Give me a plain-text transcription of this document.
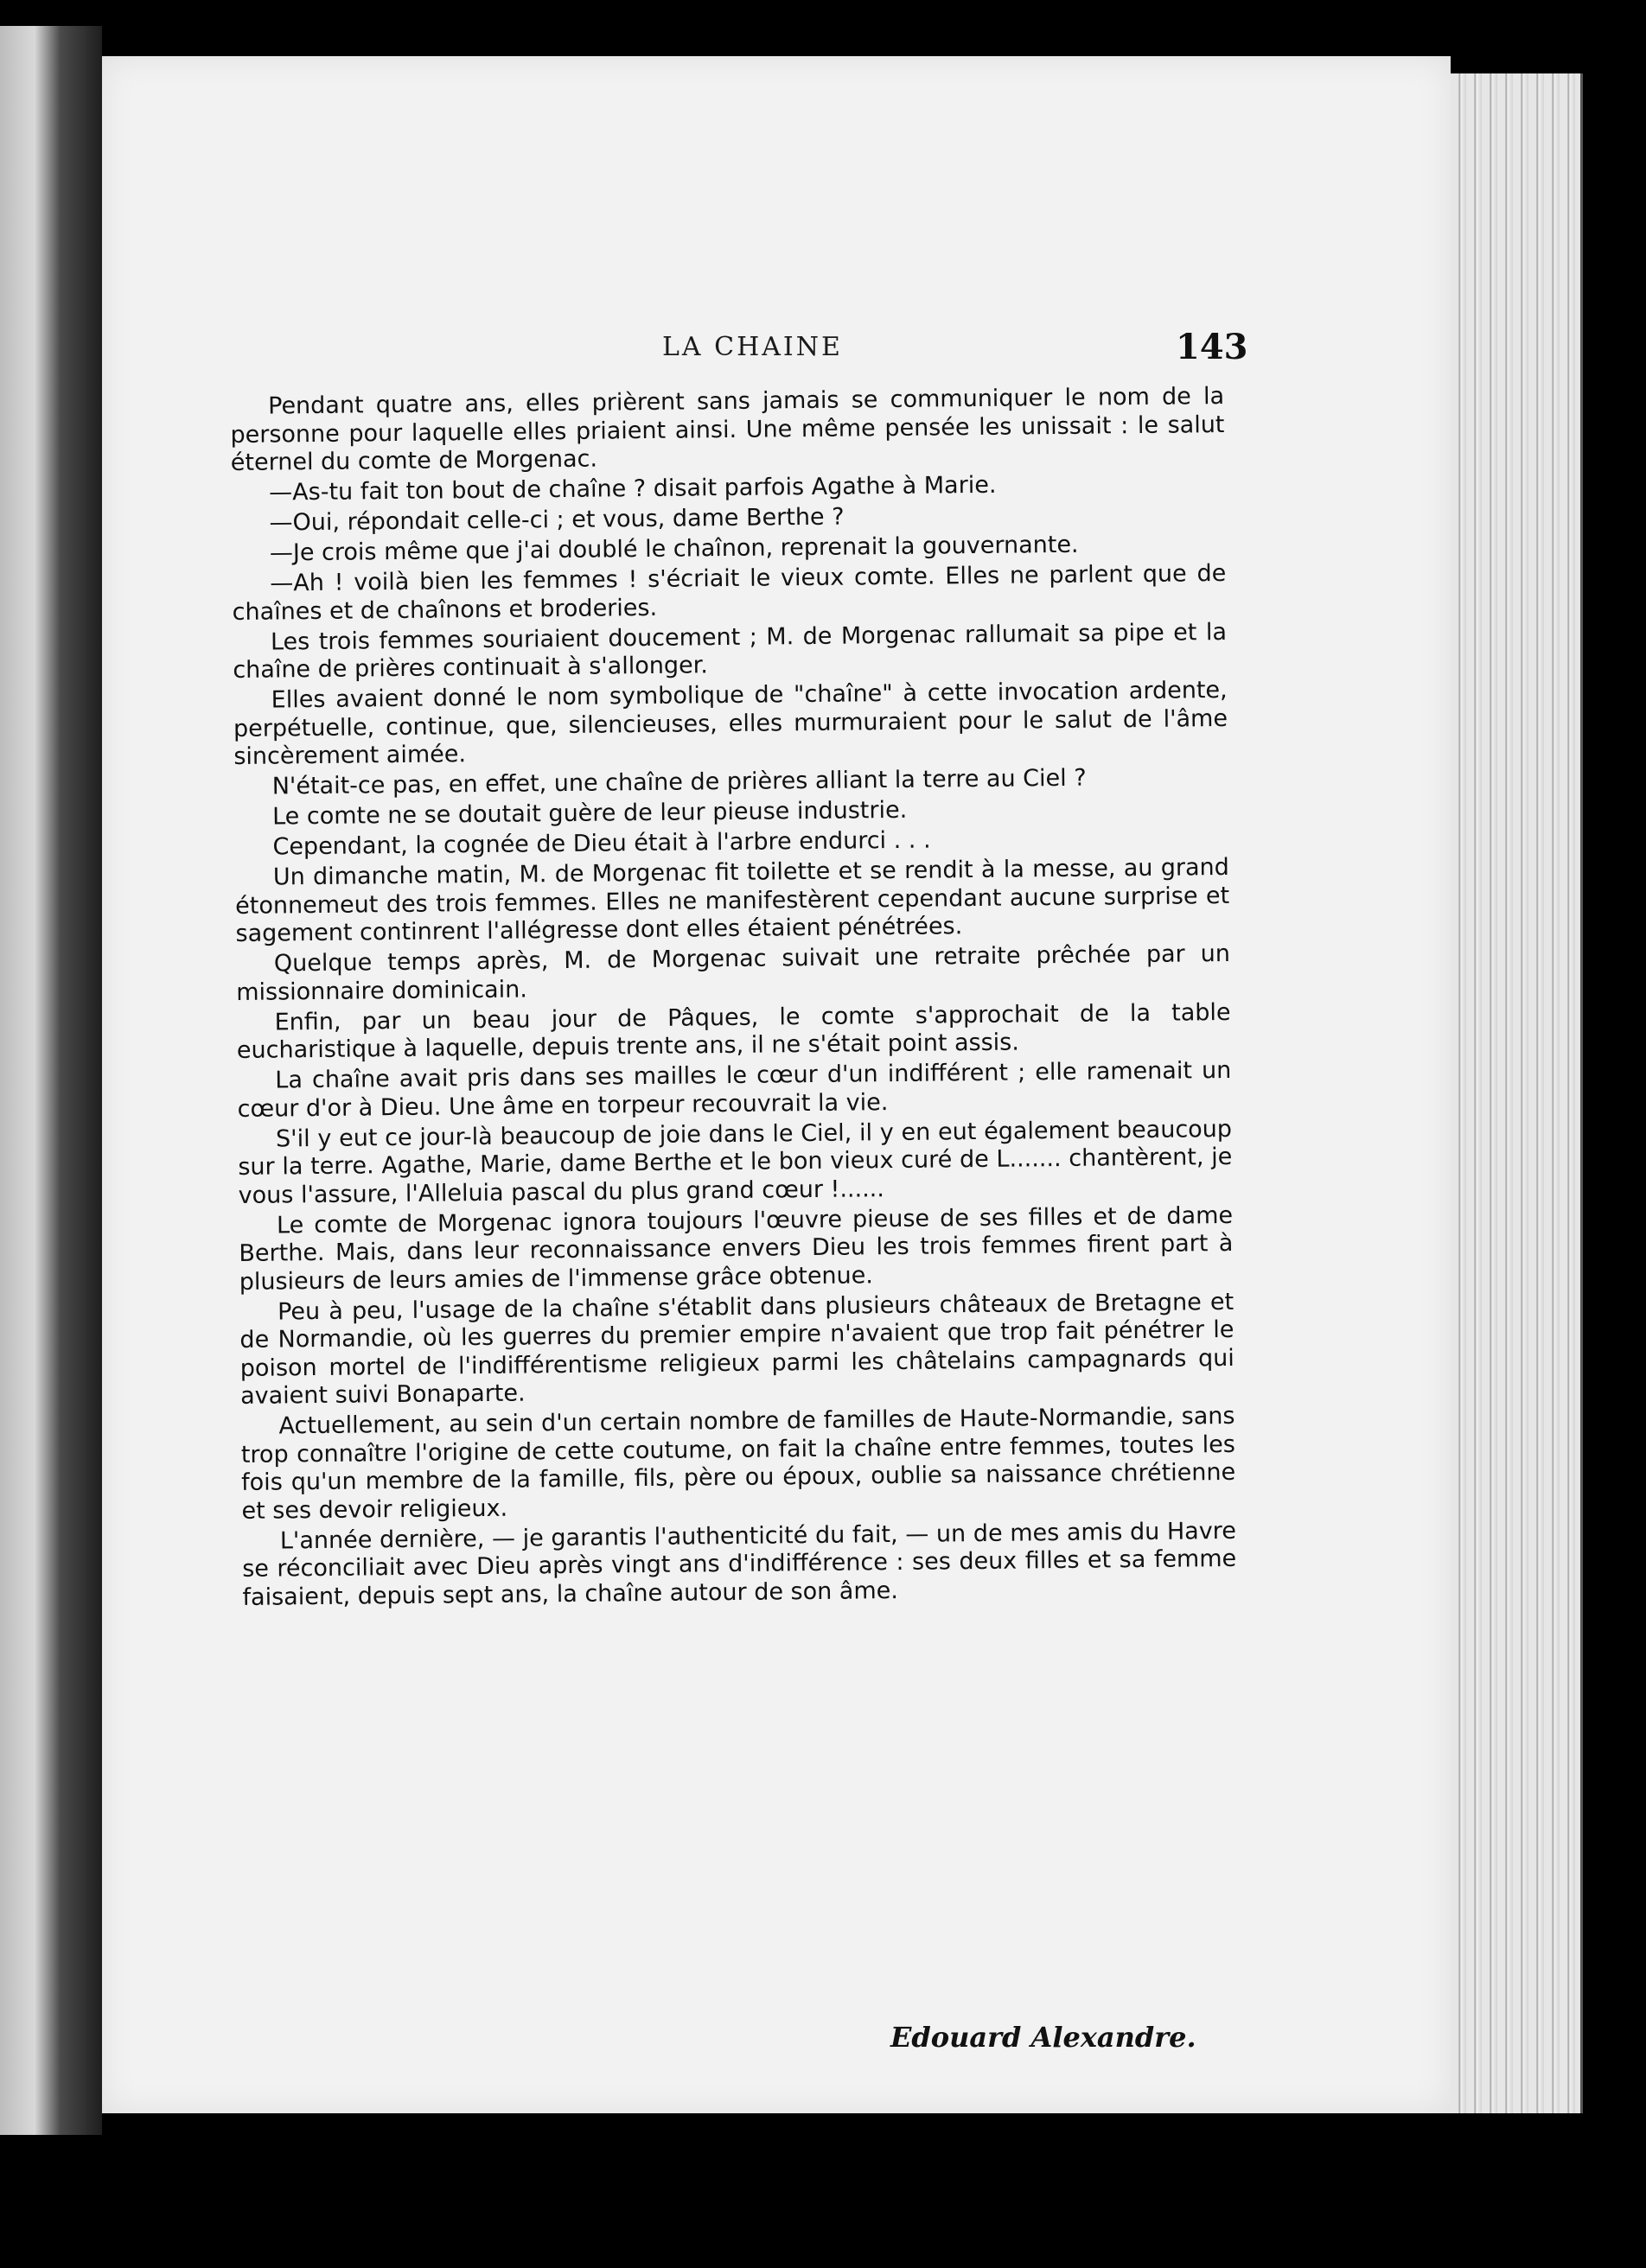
LA CHAINE	143

Pendant quatre ans, elles prièrent sans jamais se communiquer le nom de la personne pour laquelle elles priaient ainsi. Une même pensée les unissait : le salut éternel du comte de Morgenac.

—As-tu fait ton bout de chaîne ? disait parfois Agathe à Marie.

—Oui, répondait celle-ci ; et vous, dame Berthe ?

—Je crois même que j'ai doublé le chaînon, reprenait la gouvernante.

—Ah ! voilà bien les femmes ! s'écriait le vieux comte. Elles ne parlent que de chaînes et de chaînons et broderies.

Les trois femmes souriaient doucement ; M. de Morgenac rallumait sa pipe et la chaîne de prières continuait à s'allonger.

Elles avaient donné le nom symbolique de "chaîne" à cette invocation ardente, perpétuelle, continue, que, silencieuses, elles murmuraient pour le salut de l'âme sincèrement aimée.

N'était-ce pas, en effet, une chaîne de prières alliant la terre au Ciel ?

Le comte ne se doutait guère de leur pieuse industrie.

Cependant, la cognée de Dieu était à l'arbre endurci . . .

Un dimanche matin, M. de Morgenac fit toilette et se rendit à la messe, au grand étonnemeut des trois femmes. Elles ne manifestèrent cependant aucune surprise et sagement continrent l'allégresse dont elles étaient pénétrées.

Quelque temps après, M. de Morgenac suivait une retraite prêchée par un missionnaire dominicain.

Enfin, par un beau jour de Pâques, le comte s'approchait de la table eucharistique à laquelle, depuis trente ans, il ne s'était point assis.

La chaîne avait pris dans ses mailles le cœur d'un indifférent ; elle ramenait un cœur d'or à Dieu. Une âme en torpeur recouvrait la vie.

S'il y eut ce jour-là beaucoup de joie dans le Ciel, il y en eut également beaucoup sur la terre. Agathe, Marie, dame Berthe et le bon vieux curé de L....... chantèrent, je vous l'assure, l'Alleluia pascal du plus grand cœur !......

Le comte de Morgenac ignora toujours l'œuvre pieuse de ses filles et de dame Berthe. Mais, dans leur reconnaissance envers Dieu les trois femmes firent part à plusieurs de leurs amies de l'immense grâce obtenue.

Peu à peu, l'usage de la chaîne s'établit dans plusieurs châteaux de Bretagne et de Normandie, où les guerres du premier empire n'avaient que trop fait pénétrer le poison mortel de l'indifférentisme religieux parmi les châtelains campagnards qui avaient suivi Bonaparte.

Actuellement, au sein d'un certain nombre de familles de Haute-Normandie, sans trop connaître l'origine de cette coutume, on fait la chaîne entre femmes, toutes les fois qu'un membre de la famille, fils, père ou époux, oublie sa naissance chrétienne et ses devoir religieux.

L'année dernière, — je garantis l'authenticité du fait, — un de mes amis du Havre se réconciliait avec Dieu après vingt ans d'indifférence : ses deux filles et sa femme faisaient, depuis sept ans, la chaîne autour de son âme.

Edouard Alexandre.
